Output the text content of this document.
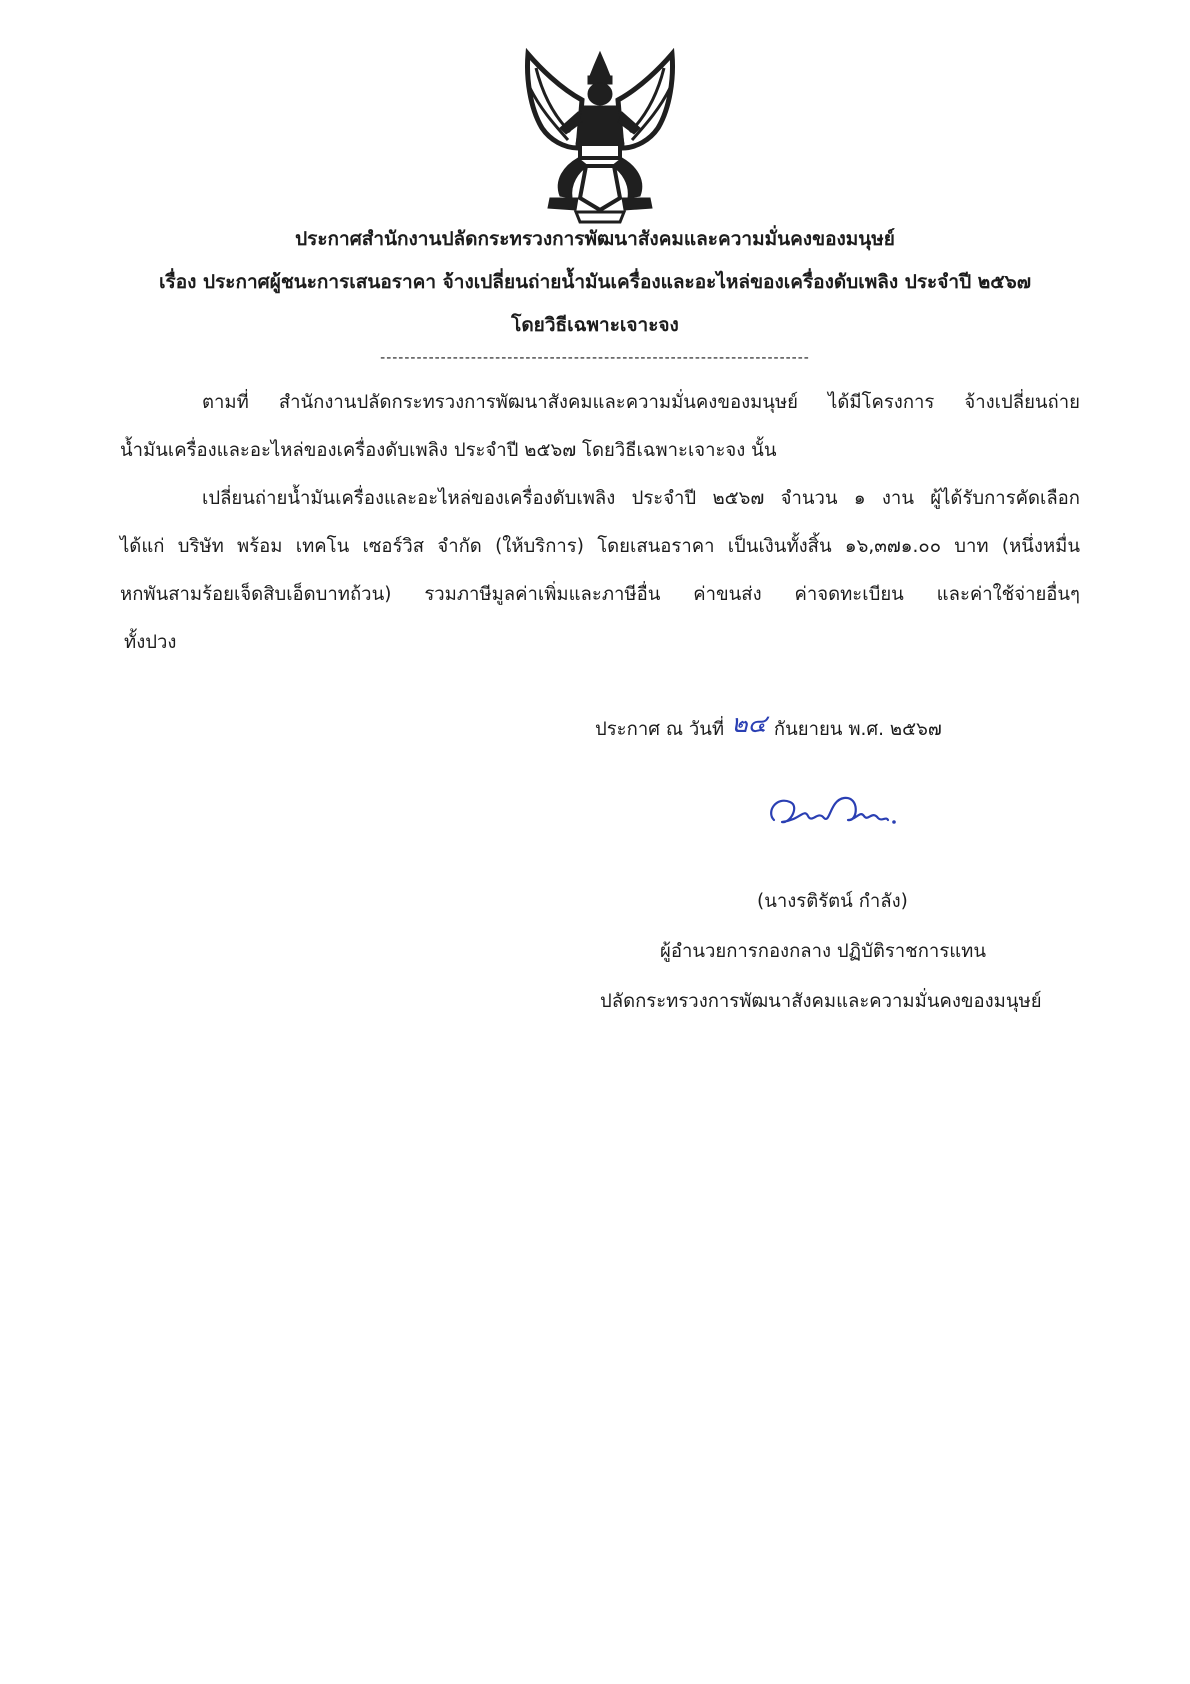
ประกาศสำนักงานปลัดกระทรวงการพัฒนาสังคมและความมั่นคงของมนุษย์
เรื่อง ประกาศผู้ชนะการเสนอราคา จ้างเปลี่ยนถ่ายน้ำมันเครื่องและอะไหล่ของเครื่องดับเพลิง ประจำปี ๒๕๖๗
โดยวิธีเฉพาะเจาะจง
-----------------------------------------------------------------------
ตามที่ สำนักงานปลัดกระทรวงการพัฒนาสังคมและความมั่นคงของมนุษย์ ได้มีโครงการ จ้างเปลี่ยนถ่าย
น้ำมันเครื่องและอะไหล่ของเครื่องดับเพลิง ประจำปี ๒๕๖๗ โดยวิธีเฉพาะเจาะจง นั้น
เปลี่ยนถ่ายน้ำมันเครื่องและอะไหล่ของเครื่องดับเพลิง ประจำปี ๒๕๖๗ จำนวน ๑ งาน ผู้ได้รับการคัดเลือก
ได้แก่ บริษัท พร้อม เทคโน เซอร์วิส จำกัด (ให้บริการ) โดยเสนอราคา เป็นเงินทั้งสิ้น ๑๖,๓๗๑.๐๐ บาท (หนึ่งหมื่น
หกพันสามร้อยเจ็ดสิบเอ็ดบาทถ้วน) รวมภาษีมูลค่าเพิ่มและภาษีอื่น ค่าขนส่ง ค่าจดทะเบียน และค่าใช้จ่ายอื่นๆ
ทั้งปวง
ประกาศ ณ วันที่ ๒๔ กันยายน พ.ศ. ๒๕๖๗
(นางรติรัตน์ กำลัง)
ผู้อำนวยการกองกลาง ปฏิบัติราชการแทน
ปลัดกระทรวงการพัฒนาสังคมและความมั่นคงของมนุษย์
